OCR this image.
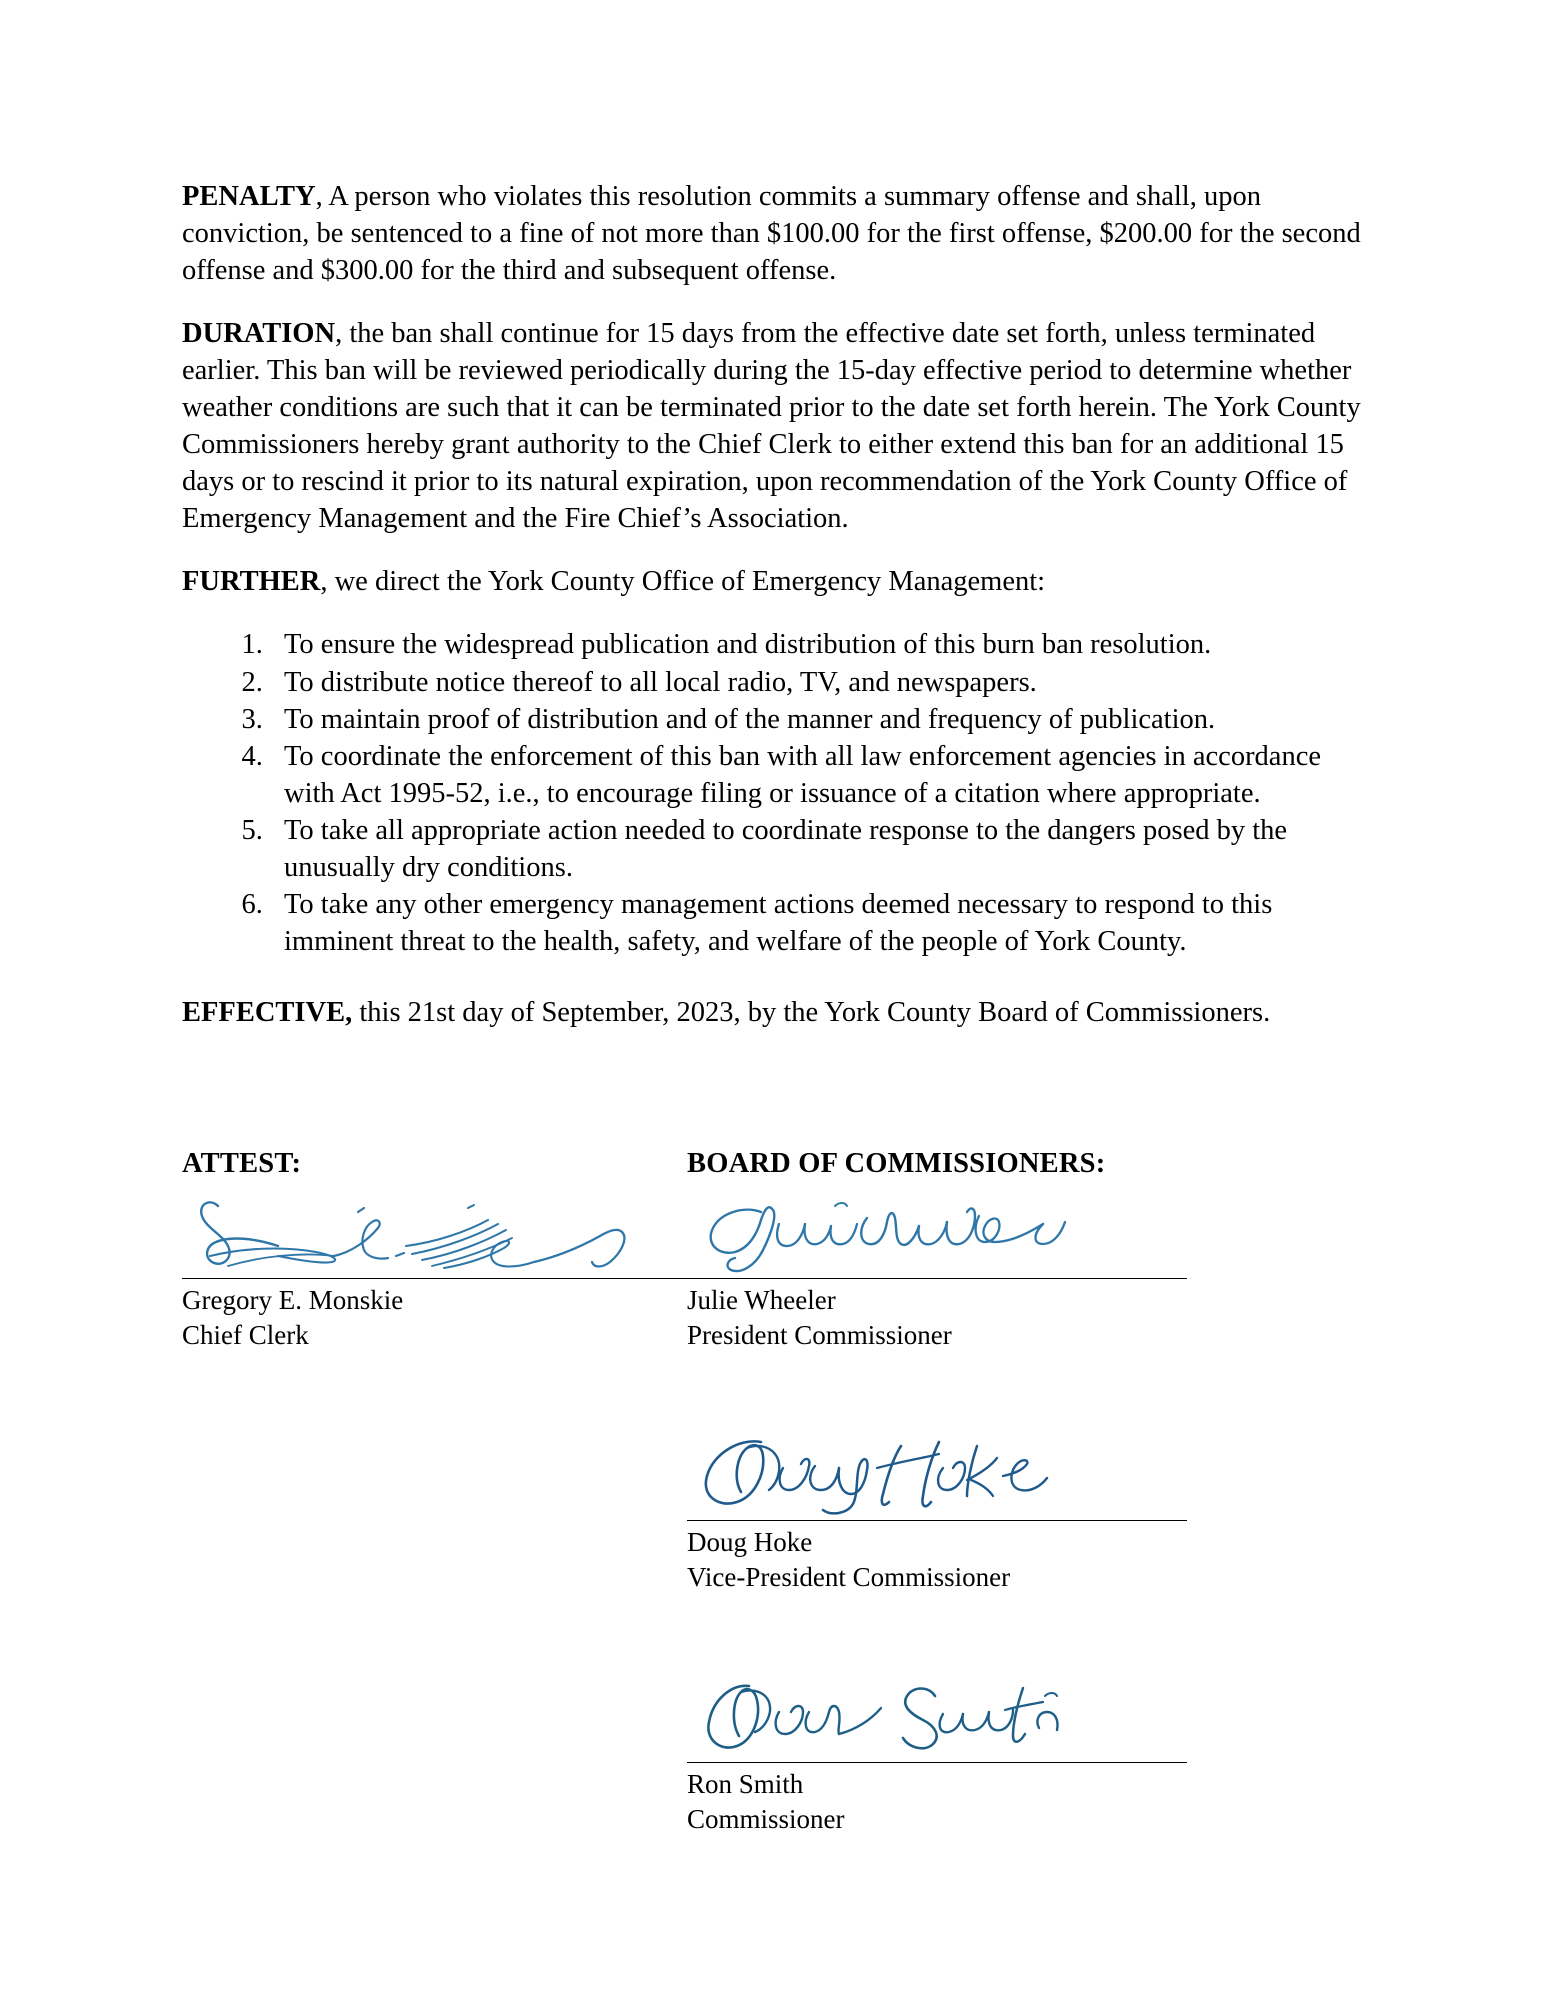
PENALTY, A person who violates this resolution commits a summary offense and shall, upon conviction, be sentenced to a fine of not more than $100.00 for the first offense, $200.00 for the second offense and $300.00 for the third and subsequent offense.

DURATION, the ban shall continue for 15 days from the effective date set forth, unless terminated earlier. This ban will be reviewed periodically during the 15-day effective period to determine whether weather conditions are such that it can be terminated prior to the date set forth herein. The York County Commissioners hereby grant authority to the Chief Clerk to either extend this ban for an additional 15 days or to rescind it prior to its natural expiration, upon recommendation of the York County Office of Emergency Management and the Fire Chief’s Association.

FURTHER, we direct the York County Office of Emergency Management:

1. To ensure the widespread publication and distribution of this burn ban resolution.
2. To distribute notice thereof to all local radio, TV, and newspapers.
3. To maintain proof of distribution and of the manner and frequency of publication.
4. To coordinate the enforcement of this ban with all law enforcement agencies in accordance with Act 1995-52, i.e., to encourage filing or issuance of a citation where appropriate.
5. To take all appropriate action needed to coordinate response to the dangers posed by the unusually dry conditions.
6. To take any other emergency management actions deemed necessary to respond to this imminent threat to the health, safety, and welfare of the people of York County.

EFFECTIVE, this 21st day of September, 2023, by the York County Board of Commissioners.

ATTEST:
Gregory E. Monskie
Chief Clerk
BOARD OF COMMISSIONERS:
Julie Wheeler
President Commissioner
Doug Hoke
Vice-President Commissioner
Ron Smith
Commissioner
